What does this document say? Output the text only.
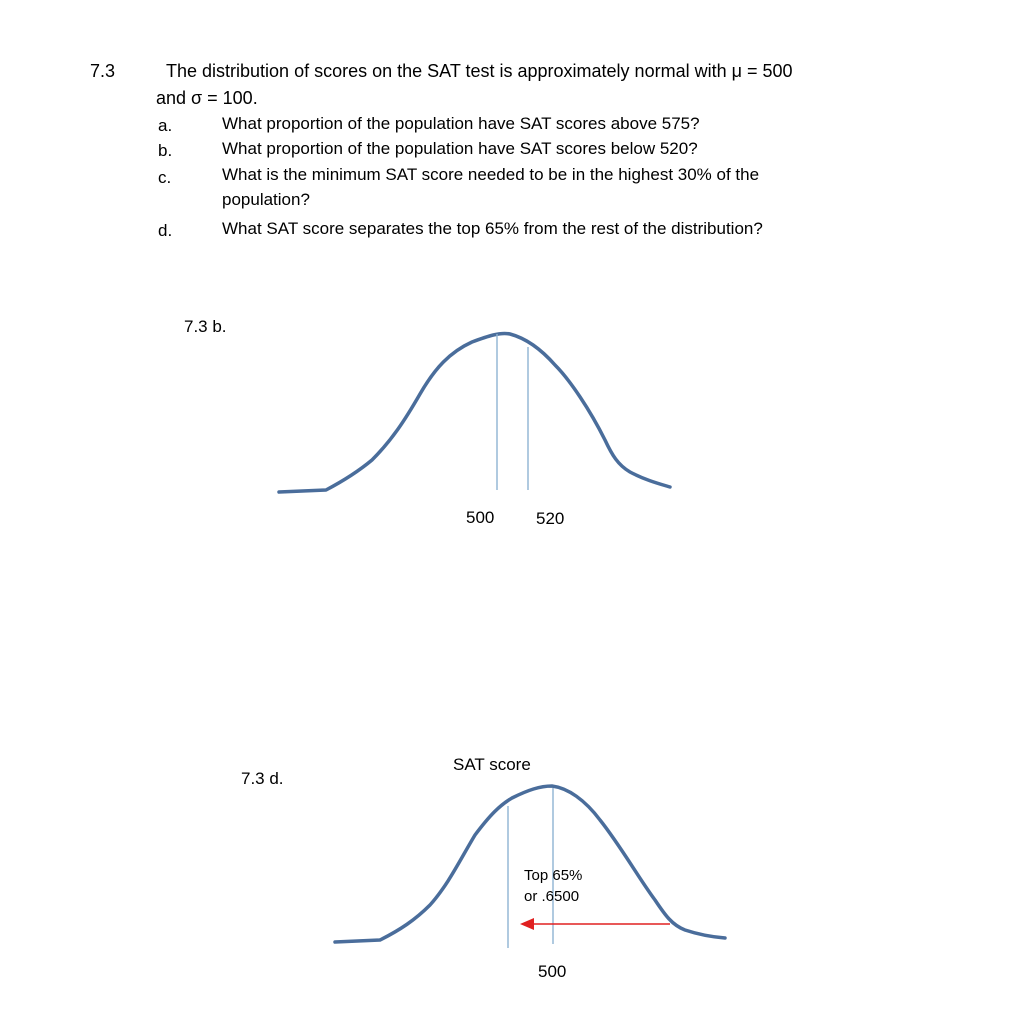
7.3	The distribution of scores on the SAT test is approximately normal with μ = 500
and σ = 100.
a.	What proportion of the population have SAT scores above 575?
b.	What proportion of the population have SAT scores below 520?
c.	What is the minimum SAT score needed to be in the highest 30% of the
population?
d.	What SAT score separates the top 65% from the rest of the distribution?
7.3 b.
500 520
SAT score
7.3 d.
Top 65%
or .6500
500
